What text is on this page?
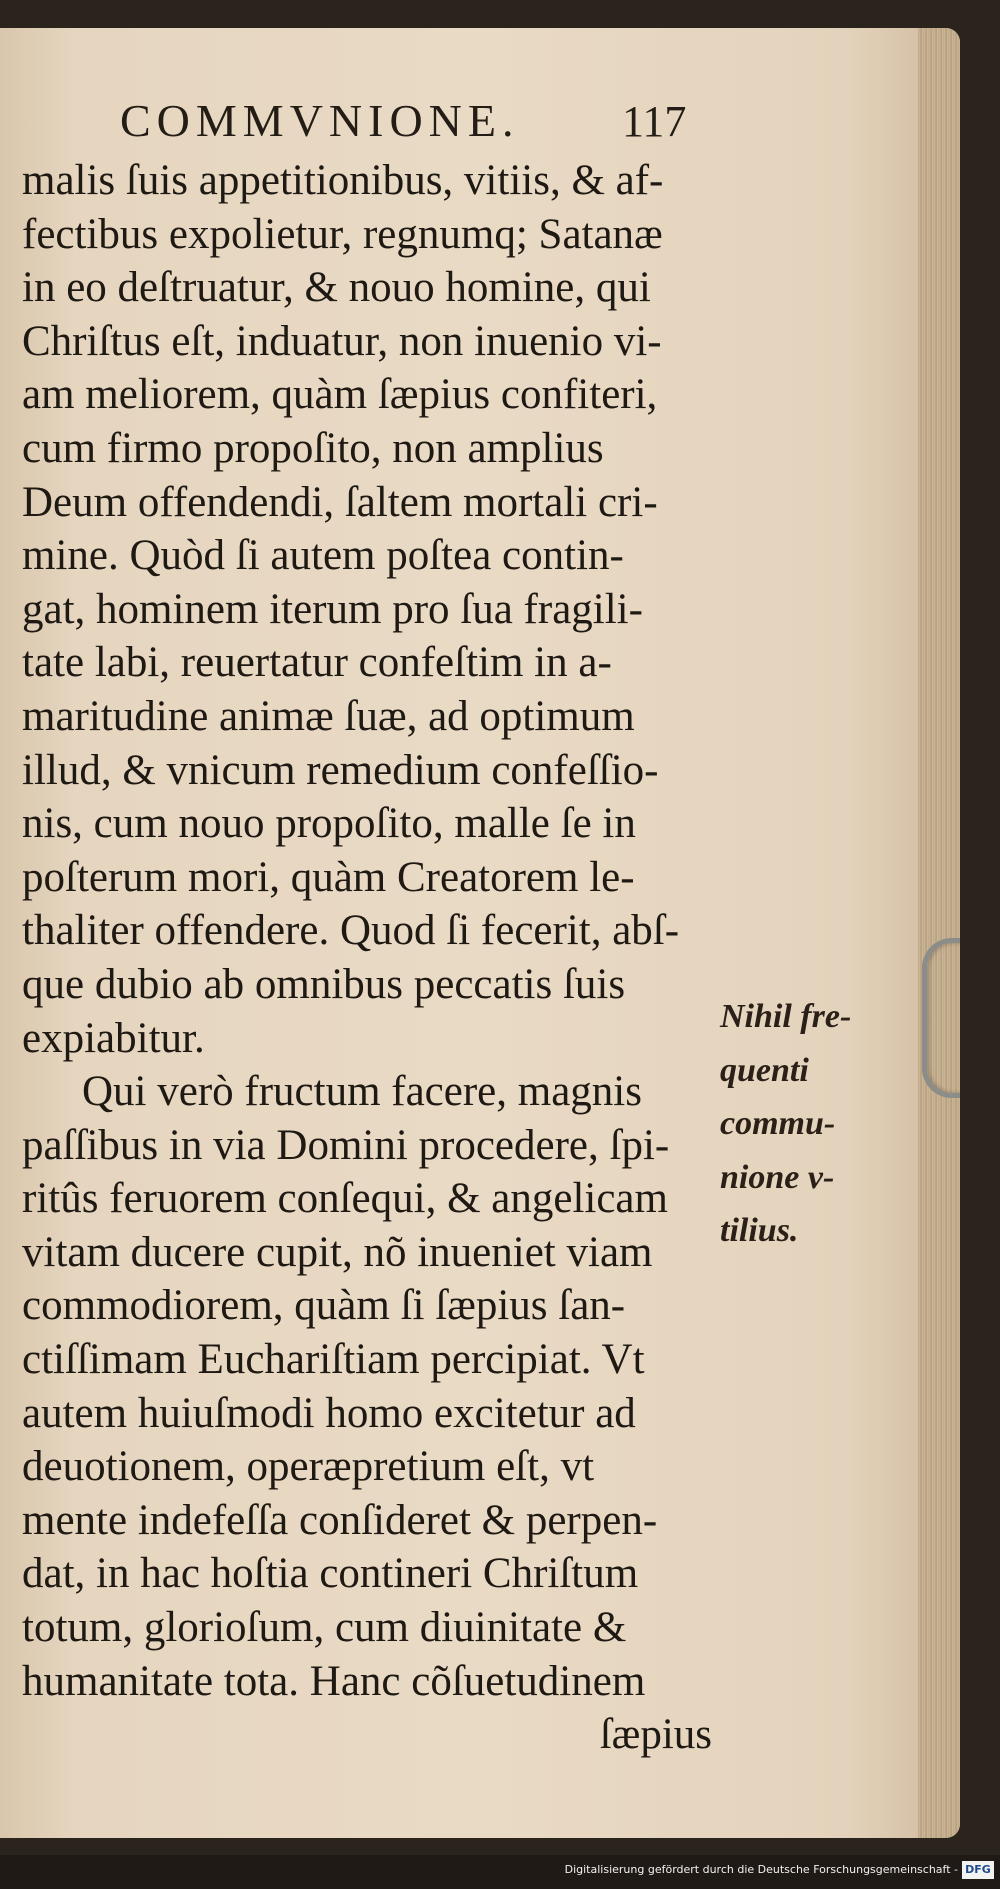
COMMVNIONE. 117
malis ſuis appetitionibus, vitiis, & af-
fectibus expolietur, regnumq; Satanæ
in eo deſtruatur, & nouo homine, qui
Chriſtus eſt, induatur, non inuenio vi-
am meliorem, quàm ſæpius confiteri,
cum firmo propoſito, non amplius
Deum offendendi, ſaltem mortali cri-
mine. Quòd ſi autem poſtea contin-
gat, hominem iterum pro ſua fragili-
tate labi, reuertatur confeſtim in a-
maritudine animæ ſuæ, ad optimum
illud, & vnicum remedium confeſſio-
nis, cum nouo propoſito, malle ſe in
poſterum mori, quàm Creatorem le-
thaliter offendere. Quod ſi fecerit, abſ-
que dubio ab omnibus peccatis ſuis
expiabitur.
Qui verò fructum facere, magnis
paſſibus in via Domini procedere, ſpi-
ritûs feruorem conſequi, & angelicam
vitam ducere cupit, nõ inueniet viam
commodiorem, quàm ſi ſæpius ſan-
ctiſſimam Euchariſtiam percipiat. Vt
autem huiuſmodi homo excitetur ad
deuotionem, operæpretium eſt, vt
mente indefeſſa conſideret & perpen-
dat, in hac hoſtia contineri Chriſtum
totum, glorioſum, cum diuinitate &
humanitate tota. Hanc cõſuetudinem
ſæpius
Nihil fre-
quenti
commu-
nione v-
tilius.
Digitalisierung gefördert durch die Deutsche Forschungsgemeinschaft - DFG
